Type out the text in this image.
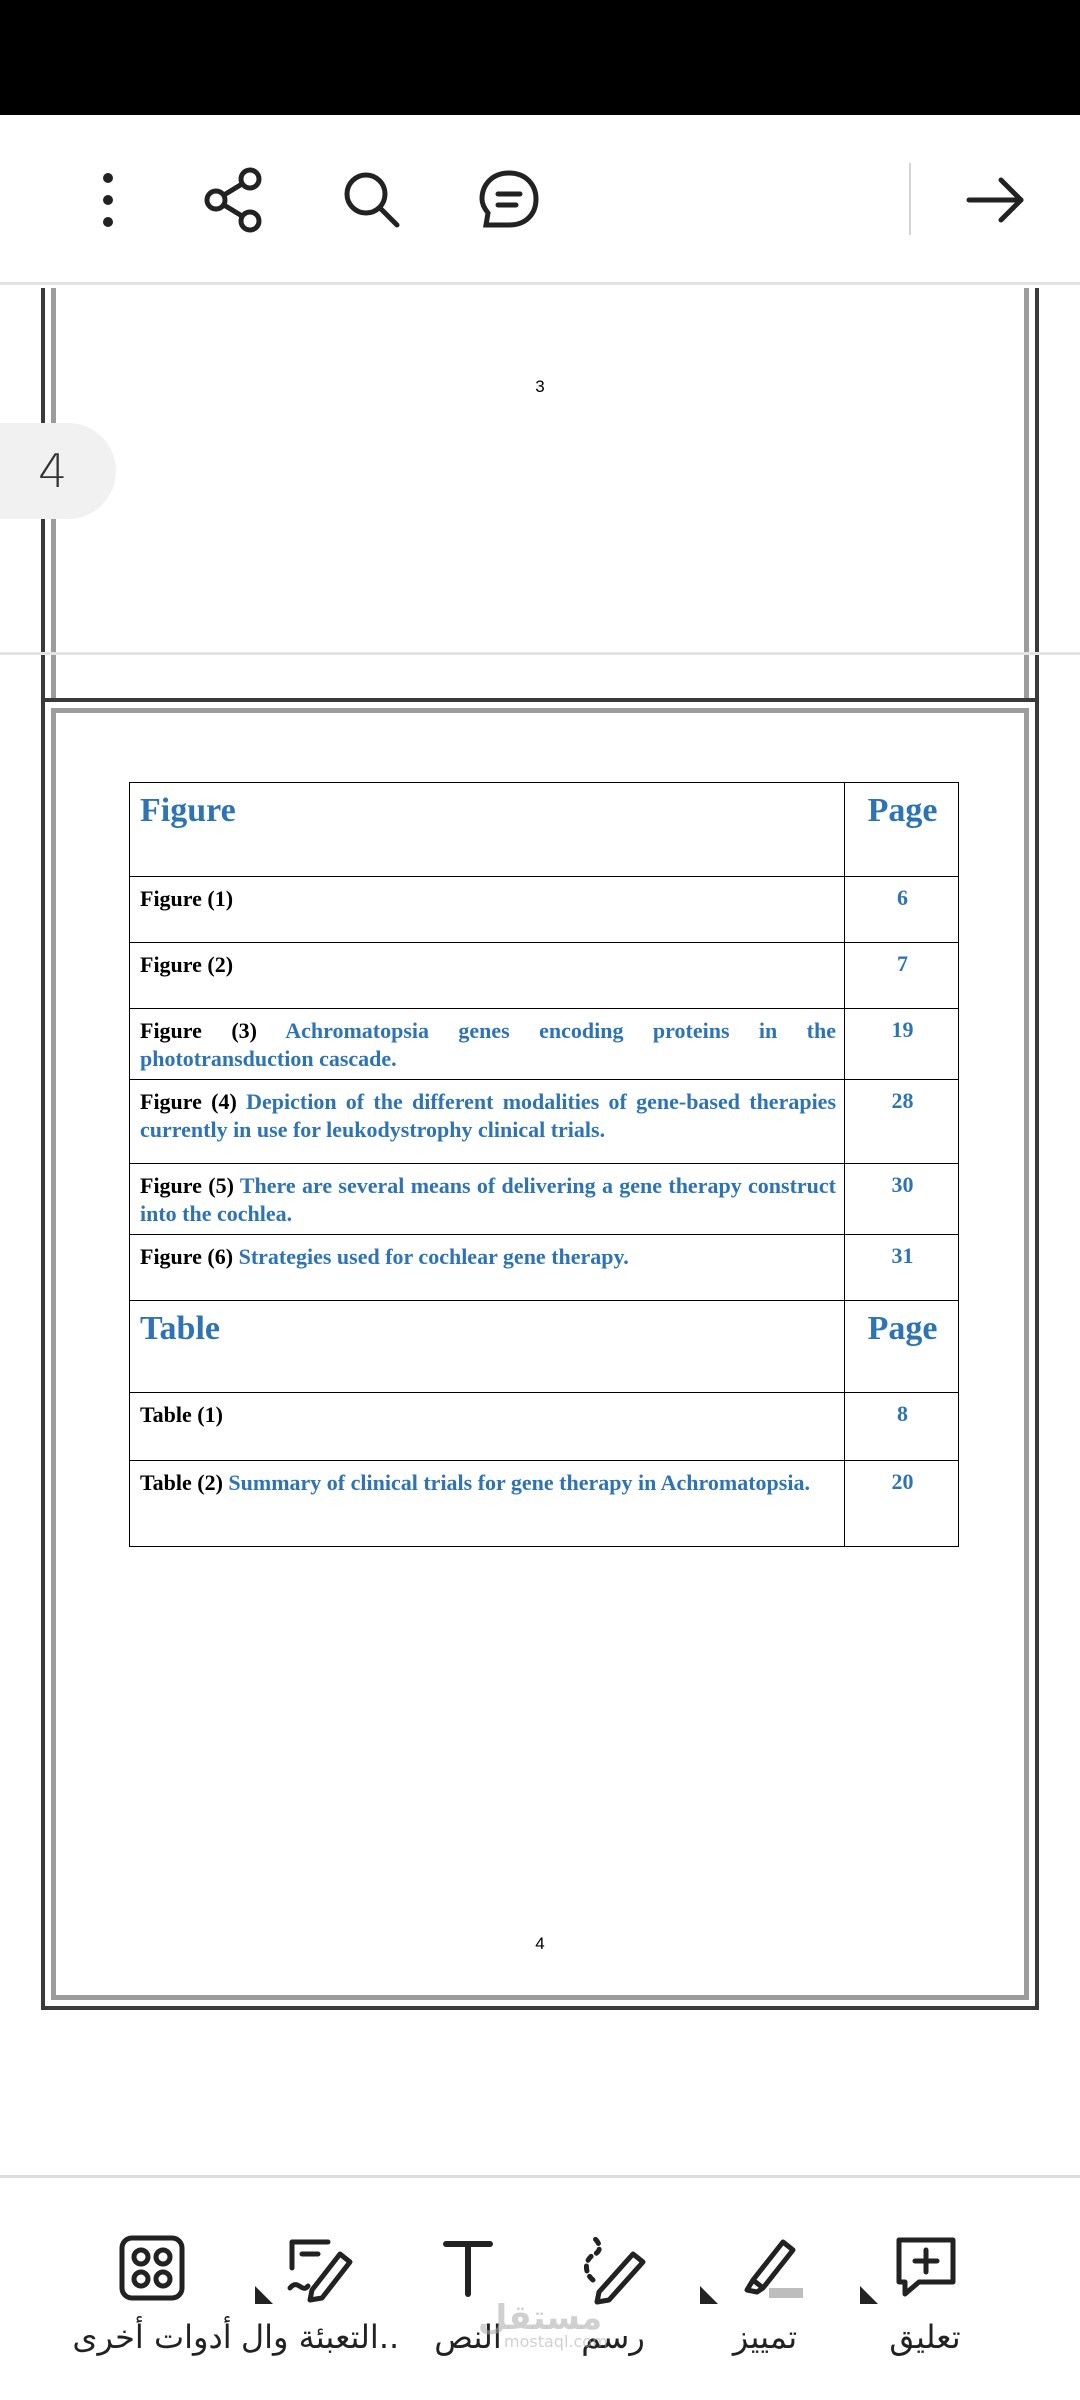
3
4
Figure	Page
Figure (1)	6
Figure (2)	7
Figure (3) Achromatopsia genes encoding proteins in the phototransduction cascade.	19
Figure (4) Depiction of the different modalities of gene-based therapies currently in use for leukodystrophy clinical trials.	28
Figure (5) There are several means of delivering a gene therapy construct into the cochlea.	30
Figure (6) Strategies used for cochlear gene therapy.	31
Table	Page
Table (1)	8
Table (2) Summary of clinical trials for gene therapy in Achromatopsia.	20
4
تعليق
تمييز
رسم
النص
التعبئة وال..
أدوات أخرى	مستقل
mostaql.com
